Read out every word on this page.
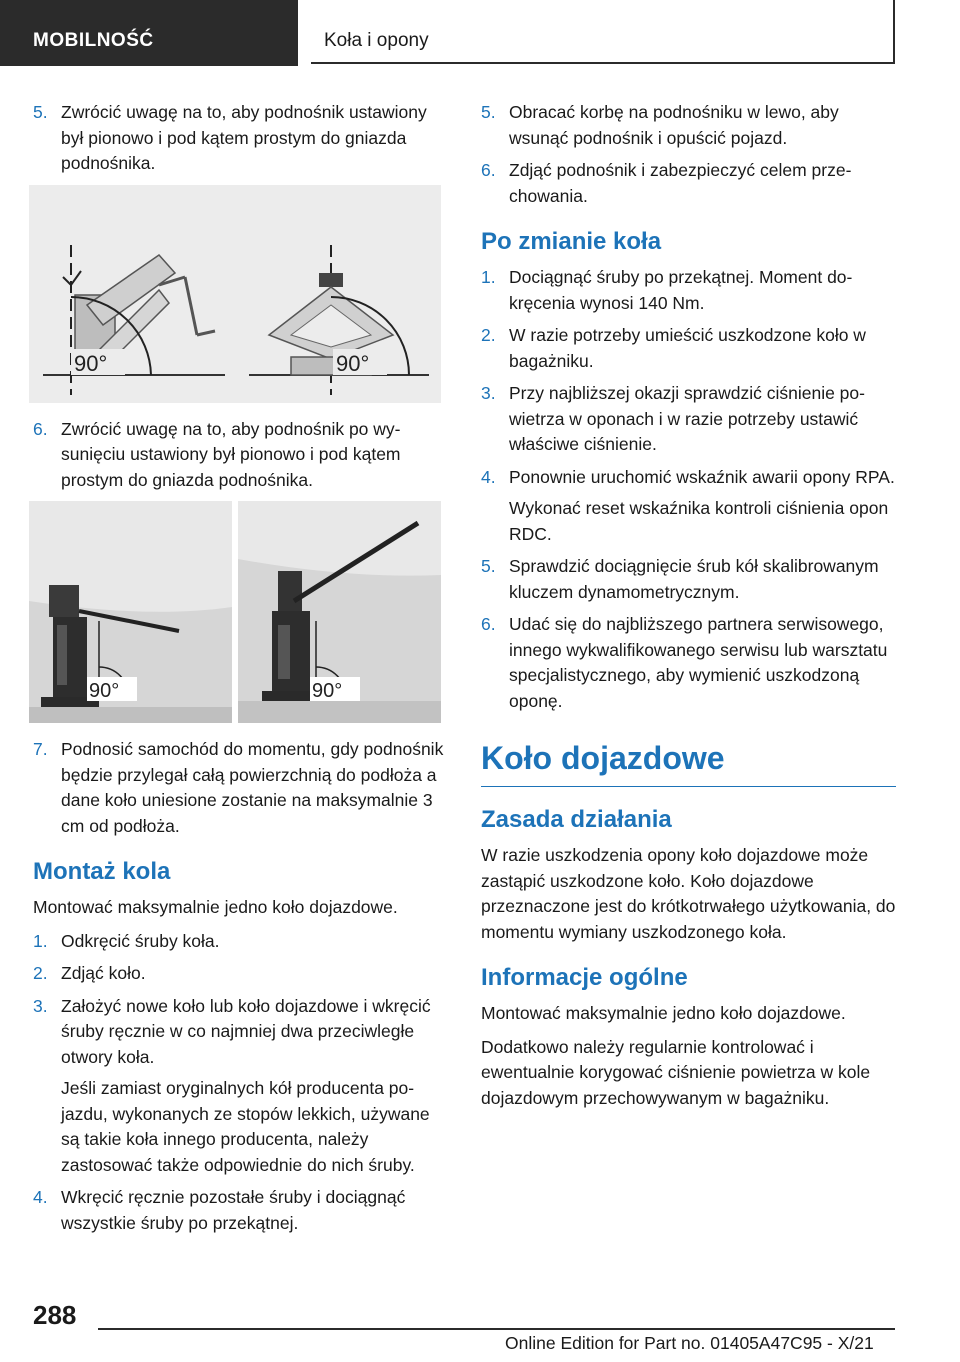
MOBILNOŚĆ	Koła i opony
5. Zwrócić uwagę na to, aby podnośnik ustawiony był pionowo i pod kątem prostym do gniazda podnośnika.
90°	90°
6. Zwrócić uwagę na to, aby podnośnik po wysunięciu ustawiony był pionowo i pod kątem prostym do gniazda podnośnika.
90°	90°
7. Podnosić samochód do momentu, gdy podnośnik będzie przylegał całą powierzchnią do podłoża a dane koło uniesione zostanie na maksymalnie 3 cm od podłoża.
Montaż kola
Montować maksymalnie jedno koło dojazdowe.
1. Odkręcić śruby koła.
2. Zdjąć koło.
3. Założyć nowe koło lub koło dojazdowe i wkręcić śruby ręcznie w co najmniej dwa przeciwległe otwory koła.
Jeśli zamiast oryginalnych kół producenta pojazdu, wykonanych ze stopów lekkich, używane są takie koła innego producenta, należy zastosować także odpowiednie do nich śruby.
4. Wkręcić ręcznie pozostałe śruby i dociągnąć wszystkie śruby po przekątnej.
5. Obracać korbę na podnośniku w lewo, aby wsunąć podnośnik i opuścić pojazd.
6. Zdjąć podnośnik i zabezpieczyć celem przechowania.
Po zmianie koła
1. Dociągnąć śruby po przekątnej. Moment dokręcenia wynosi 140 Nm.
2. W razie potrzeby umieścić uszkodzone koło w bagażniku.
3. Przy najbliższej okazji sprawdzić ciśnienie powietrza w oponach i w razie potrzeby ustawić właściwe ciśnienie.
4. Ponownie uruchomić wskaźnik awarii opony RPA.
Wykonać reset wskaźnika kontroli ciśnienia opon RDC.
5. Sprawdzić dociągnięcie śrub kół skalibrowanym kluczem dynamometrycznym.
6. Udać się do najbliższego partnera serwisowego, innego wykwalifikowanego serwisu lub warsztatu specjalistycznego, aby wymienić uszkodzoną oponę.
Koło dojazdowe
Zasada działania
W razie uszkodzenia opony koło dojazdowe może zastąpić uszkodzone koło. Koło dojazdowe przeznaczone jest do krótkotrwałego użytkowania, do momentu wymiany uszkodzonego koła.
Informacje ogólne
Montować maksymalnie jedno koło dojazdowe.
Dodatkowo należy regularnie kontrolować i ewentualnie korygować ciśnienie powietrza w kole dojazdowym przechowywanym w bagażniku.
288
Online Edition for Part no. 01405A47C95 - X/21
